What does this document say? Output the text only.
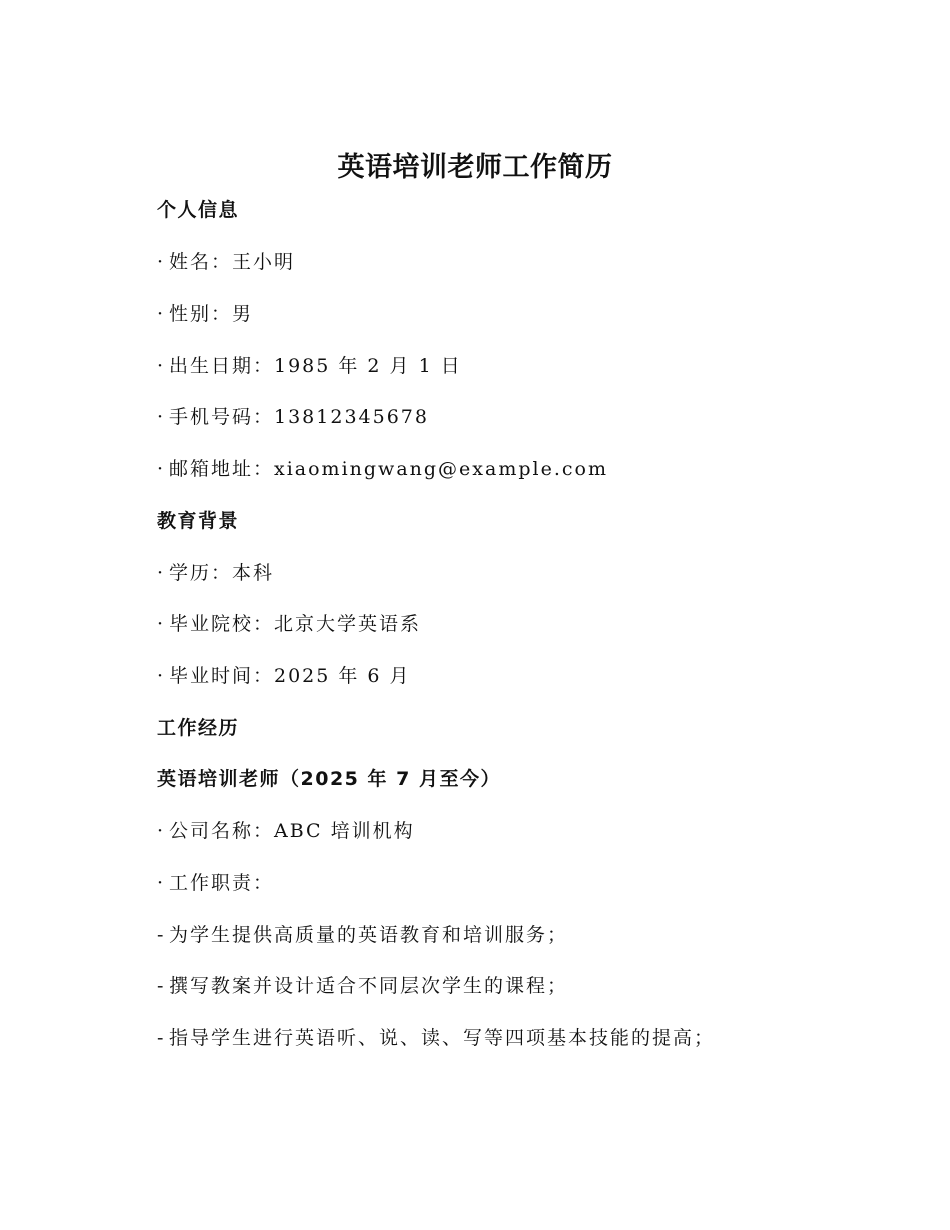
英语培训老师工作简历
个人信息
· 姓名：王小明
· 性别：男
· 出生日期：1985 年 2 月 1 日
· 手机号码：13812345678
· 邮箱地址：xiaomingwang@example.com
教育背景
· 学历：本科
· 毕业院校：北京大学英语系
· 毕业时间：2025 年 6 月
工作经历
英语培训老师（2025 年 7 月至今）
· 公司名称：ABC 培训机构
· 工作职责：
- 为学生提供高质量的英语教育和培训服务；
- 撰写教案并设计适合不同层次学生的课程；
- 指导学生进行英语听、说、读、写等四项基本技能的提高；
